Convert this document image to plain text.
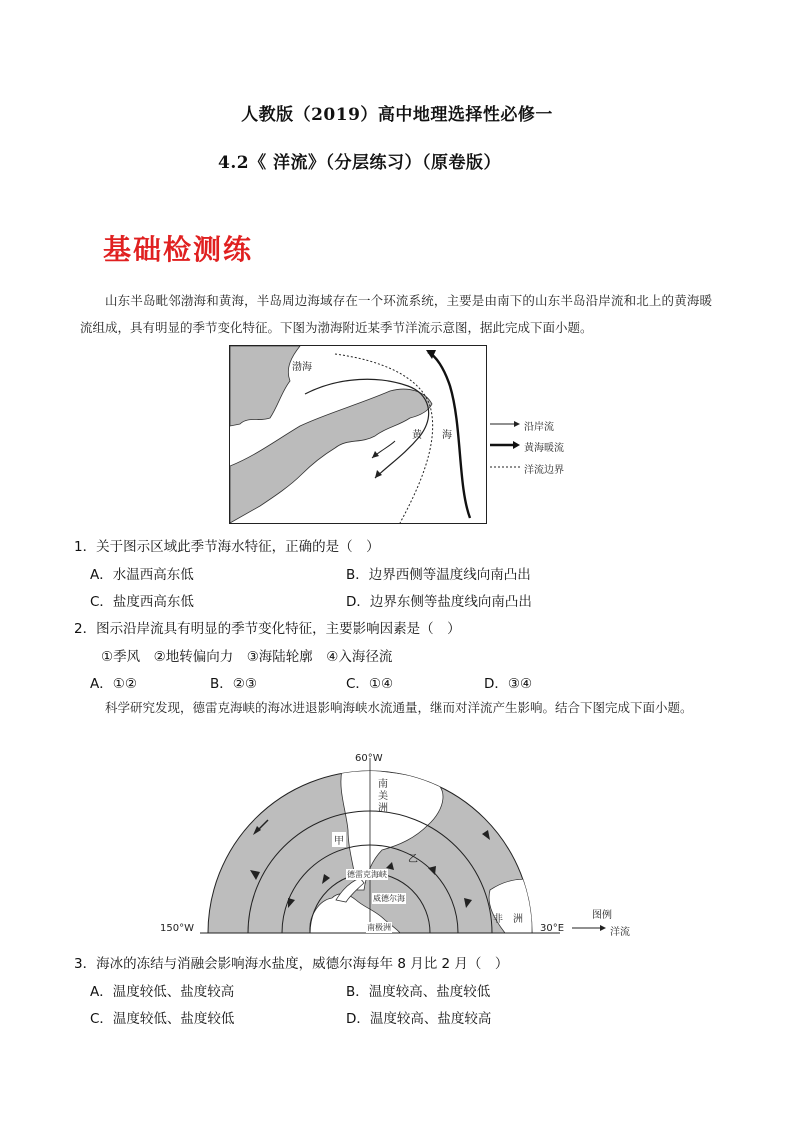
人教版（2019）高中地理选择性必修一
4.2《 洋流》（分层练习）（原卷版）
基础检测练
山东半岛毗邻渤海和黄海，半岛周边海域存在一个环流系统，主要是由南下的山东半岛沿岸流和北上的黄海暖流组成，具有明显的季节变化特征。下图为渤海附近某季节洋流示意图，据此完成下面小题。
渤海
黄 海
沿岸流
黄海暖流
洋流边界
1．关于图示区域此季节海水特征，正确的是（　）
A．水温西高东低	B．边界西侧等温度线向南凸出
C．盐度西高东低	D．边界东侧等盐度线向南凸出
2．图示沿岸流具有明显的季节变化特征，主要影响因素是（　）
①季风　②地转偏向力　③海陆轮廓　④入海径流
A．①②	B．②③	C．①④	D．③④
科学研究发现，德雷克海峡的海冰进退影响海峡水流通量，继而对洋流产生影响。结合下图完成下面小题。
60°W
150°W	30°E
南
美
洲
甲
乙
德雷克海峡
威德尔海
南极洲
非　洲	图例
洋流
3．海冰的冻结与消融会影响海水盐度，威德尔海每年 8 月比 2 月（　）
A．温度较低、盐度较高	B．温度较高、盐度较低
C．温度较低、盐度较低	D．温度较高、盐度较高
